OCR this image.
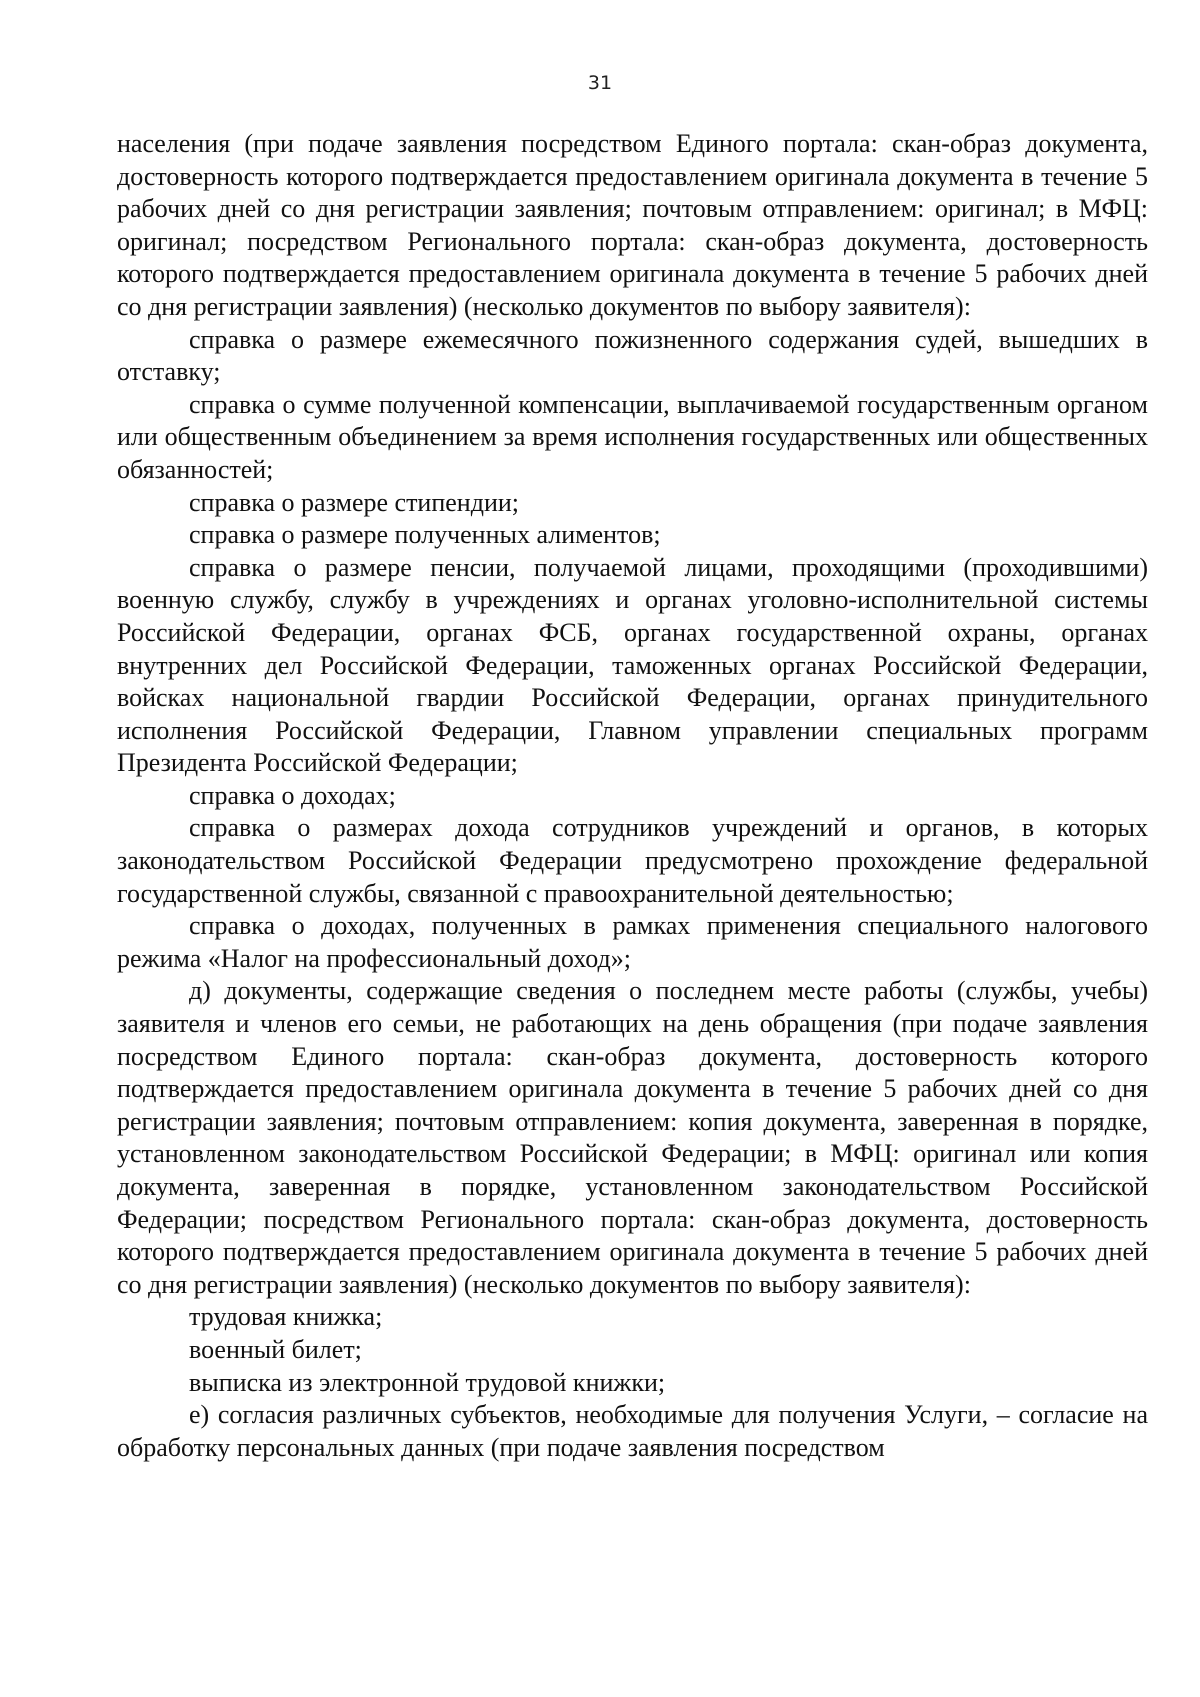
31

населения (при подаче заявления посредством Единого портала: скан-образ документа, достоверность которого подтверждается предоставлением оригинала документа в течение 5 рабочих дней со дня регистрации заявления; почтовым отправлением: оригинал; в МФЦ: оригинал; посредством Регионального портала: скан-образ документа, достоверность которого подтверждается предоставлением оригинала документа в течение 5 рабочих дней со дня регистрации заявления) (несколько документов по выбору заявителя):

справка о размере ежемесячного пожизненного содержания судей, вышедших в отставку;

справка о сумме полученной компенсации, выплачиваемой государственным органом или общественным объединением за время исполнения государственных или общественных обязанностей;

справка о размере стипендии;

справка о размере полученных алиментов;

справка о размере пенсии, получаемой лицами, проходящими (проходившими) военную службу, службу в учреждениях и органах уголовно-исполнительной системы Российской Федерации, органах ФСБ, органах государственной охраны, органах внутренних дел Российской Федерации, таможенных органах Российской Федерации, войсках национальной гвардии Российской Федерации, органах принудительного исполнения Российской Федерации, Главном управлении специальных программ Президента Российской Федерации;

справка о доходах;

справка о размерах дохода сотрудников учреждений и органов, в которых законодательством Российской Федерации предусмотрено прохождение федеральной государственной службы, связанной с правоохранительной деятельностью;

справка о доходах, полученных в рамках применения специального налогового режима «Налог на профессиональный доход»;

д) документы, содержащие сведения о последнем месте работы (службы, учебы) заявителя и членов его семьи, не работающих на день обращения (при подаче заявления посредством Единого портала: скан-образ документа, достоверность которого подтверждается предоставлением оригинала документа в течение 5 рабочих дней со дня регистрации заявления; почтовым отправлением: копия документа, заверенная в порядке, установленном законодательством Российской Федерации; в МФЦ: оригинал или копия документа, заверенная в порядке, установленном законодательством Российской Федерации; посредством Регионального портала: скан-образ документа, достоверность которого подтверждается предоставлением оригинала документа в течение 5 рабочих дней со дня регистрации заявления) (несколько документов по выбору заявителя):

трудовая книжка;

военный билет;

выписка из электронной трудовой книжки;

е) согласия различных субъектов, необходимые для получения Услуги, – согласие на обработку персональных данных (при подаче заявления посредством
